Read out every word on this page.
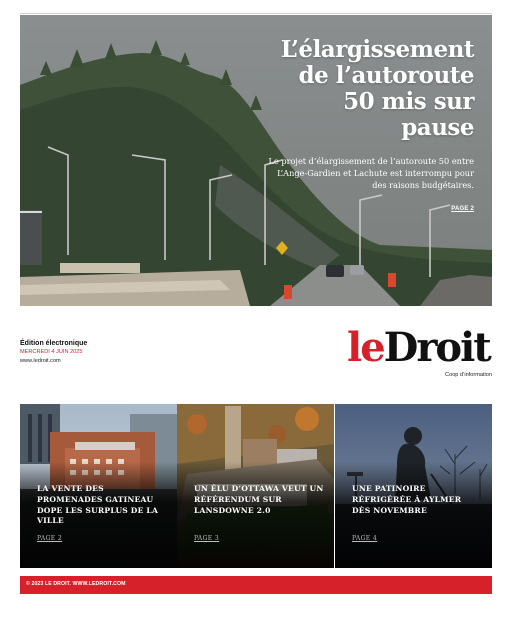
L’élargissement
de l’autoroute
50 mis sur
pause
Le projet d’élargissement de l’autoroute 50 entre L’Ange-Gardien et Lachute est interrompu pour des raisons budgétaires.
PAGE 2
Édition électronique
MERCREDI 4 JUIN 2025
www.ledroit.com	leDroit
Coop d’information
LA VENTE DES PROMENADES GATINEAU DOPE LES SURPLUS DE LA VILLE
PAGE 2
UN ÉLU D’OTTAWA VEUT UN RÉFÉRENDUM SUR LANSDOWNE 2.0
PAGE 3
UNE PATINOIRE RÉFRIGÉRÉE À AYLMER DÈS NOVEMBRE
PAGE 4
© 2023 LE DROIT. WWW.LEDROIT.COM
